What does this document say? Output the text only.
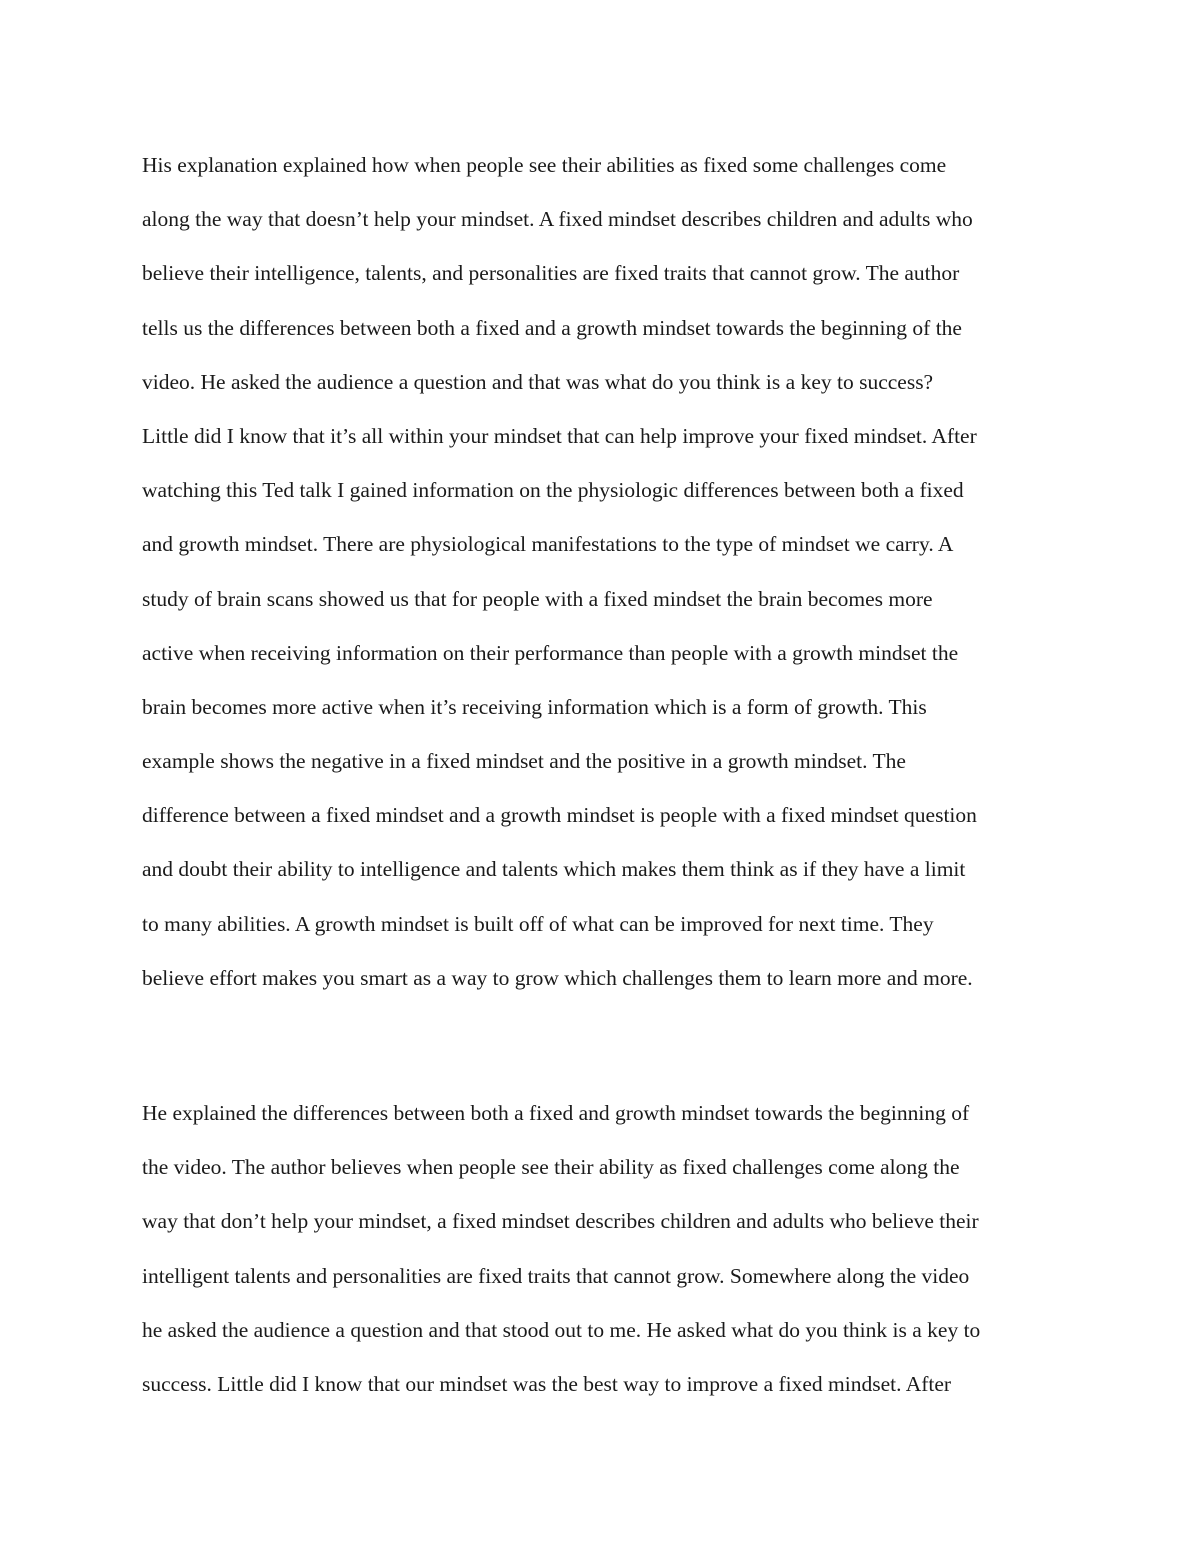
His explanation explained how when people see their abilities as fixed some challenges come
along the way that doesn’t help your mindset. A fixed mindset describes children and adults who
believe their intelligence, talents, and personalities are fixed traits that cannot grow. The author
tells us the differences between both a fixed and a growth mindset towards the beginning of the
video. He asked the audience a question and that was what do you think is a key to success?
Little did I know that it’s all within your mindset that can help improve your fixed mindset. After
watching this Ted talk I gained information on the physiologic differences between both a fixed
and growth mindset. There are physiological manifestations to the type of mindset we carry. A
study of brain scans showed us that for people with a fixed mindset the brain becomes more
active when receiving information on their performance than people with a growth mindset the
brain becomes more active when it’s receiving information which is a form of growth. This
example shows the negative in a fixed mindset and the positive in a growth mindset. The
difference between a fixed mindset and a growth mindset is people with a fixed mindset question
and doubt their ability to intelligence and talents which makes them think as if they have a limit
to many abilities. A growth mindset is built off of what can be improved for next time. They
believe effort makes you smart as a way to grow which challenges them to learn more and more.

He explained the differences between both a fixed and growth mindset towards the beginning of
the video. The author believes when people see their ability as fixed challenges come along the
way that don’t help your mindset, a fixed mindset describes children and adults who believe their
intelligent talents and personalities are fixed traits that cannot grow. Somewhere along the video
he asked the audience a question and that stood out to me. He asked what do you think is a key to
success. Little did I know that our mindset was the best way to improve a fixed mindset. After
